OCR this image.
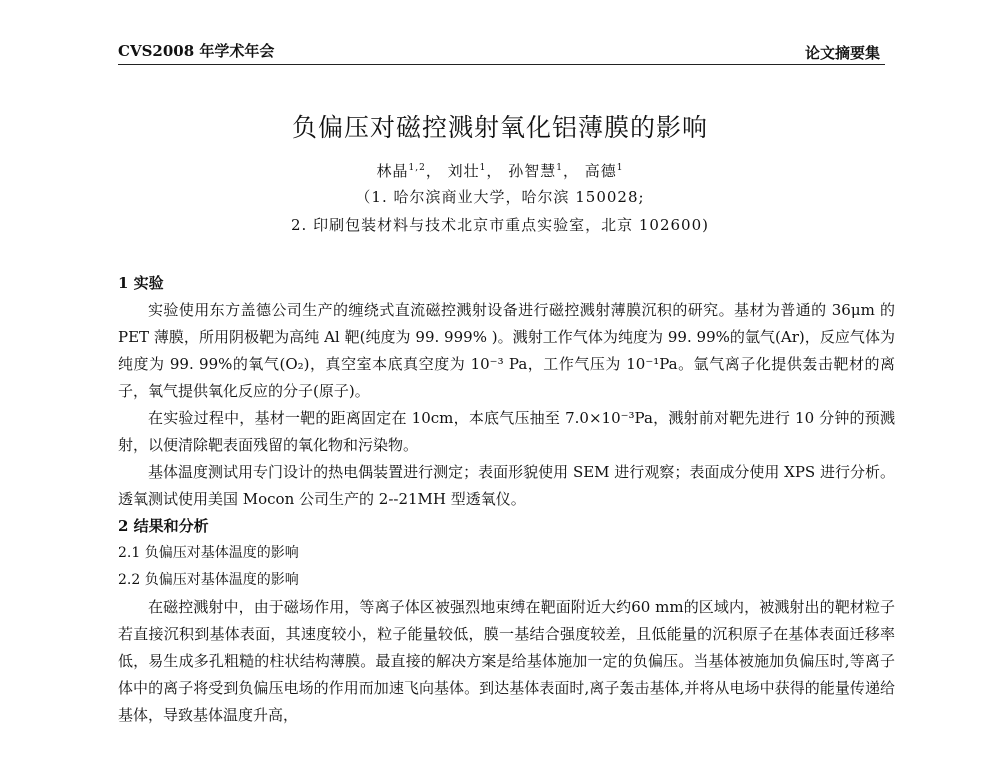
CVS2008 年学术年会	论文摘要集
负偏压对磁控溅射氧化铝薄膜的影响
林晶$^{1,2}$， 刘壮$^1$， 孙智慧$^1$， 高德$^1$
（1. 哈尔滨商业大学，哈尔滨 150028;
2. 印刷包装材料与技术北京市重点实验室，北京 102600)

1 实验

实验使用东方盖德公司生产的缠绕式直流磁控溅射设备进行磁控溅射薄膜沉积的研究。基材为普通的 36μm 的 PET 薄膜，所用阴极靶为高纯 Al 靶(纯度为 99. 999% )。溅射工作气体为纯度为 99. 99%的氩气(Ar)，反应气体为纯度为 99. 99%的氧气(O₂)，真空室本底真空度为 10⁻³ Pa，工作气压为 10⁻¹Pa。氩气离子化提供轰击靶材的离子，氧气提供氧化反应的分子(原子)。

在实验过程中，基材一靶的距离固定在 10cm，本底气压抽至 7.0×10⁻³Pa，溅射前对靶先进行 10 分钟的预溅射，以便清除靶表面残留的氧化物和污染物。

基体温度测试用专门设计的热电偶装置进行测定；表面形貌使用 SEM 进行观察；表面成分使用 XPS 进行分析。透氧测试使用美国 Mocon 公司生产的 2--21MH 型透氧仪。

2 结果和分析

2.1 负偏压对基体温度的影响

2.2 负偏压对基体温度的影响

在磁控溅射中，由于磁场作用，等离子体区被强烈地束缚在靶面附近大约60 mm的区域内，被溅射出的靶材粒子若直接沉积到基体表面，其速度较小，粒子能量较低，膜一基结合强度较差，且低能量的沉积原子在基体表面迁移率低，易生成多孔粗糙的柱状结构薄膜。最直接的解决方案是给基体施加一定的负偏压。当基体被施加负偏压时,等离子体中的离子将受到负偏压电场的作用而加速飞向基体。到达基体表面时,离子轰击基体,并将从电场中获得的能量传递给基体，导致基体温度升高，
